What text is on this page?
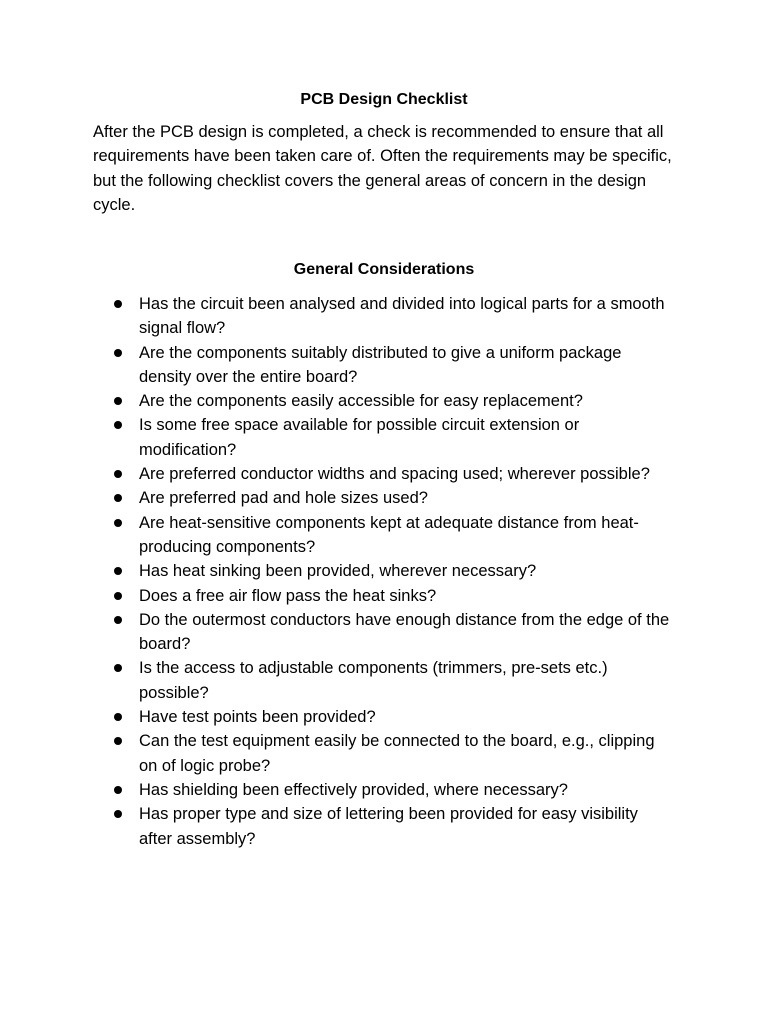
PCB Design Checklist

After the PCB design is completed, a check is recommended to ensure that all requirements have been taken care of. Often the requirements may be specific, but the following checklist covers the general areas of concern in the design cycle.

General Considerations
Has the circuit been analysed and divided into logical parts for a smooth signal flow?
Are the components suitably distributed to give a uniform package density over the entire board?
Are the components easily accessible for easy replacement?
Is some free space available for possible circuit extension or modification?
Are preferred conductor widths and spacing used; wherever possible?
Are preferred pad and hole sizes used?
Are heat-sensitive components kept at adequate distance from heat-producing components?
Has heat sinking been provided, wherever necessary?
Does a free air flow pass the heat sinks?
Do the outermost conductors have enough distance from the edge of the board?
Is the access to adjustable components (trimmers, pre-sets etc.) possible?
Have test points been provided?
Can the test equipment easily be connected to the board, e.g., clipping on of logic probe?
Has shielding been effectively provided, where necessary?
Has proper type and size of lettering been provided for easy visibility after assembly?
